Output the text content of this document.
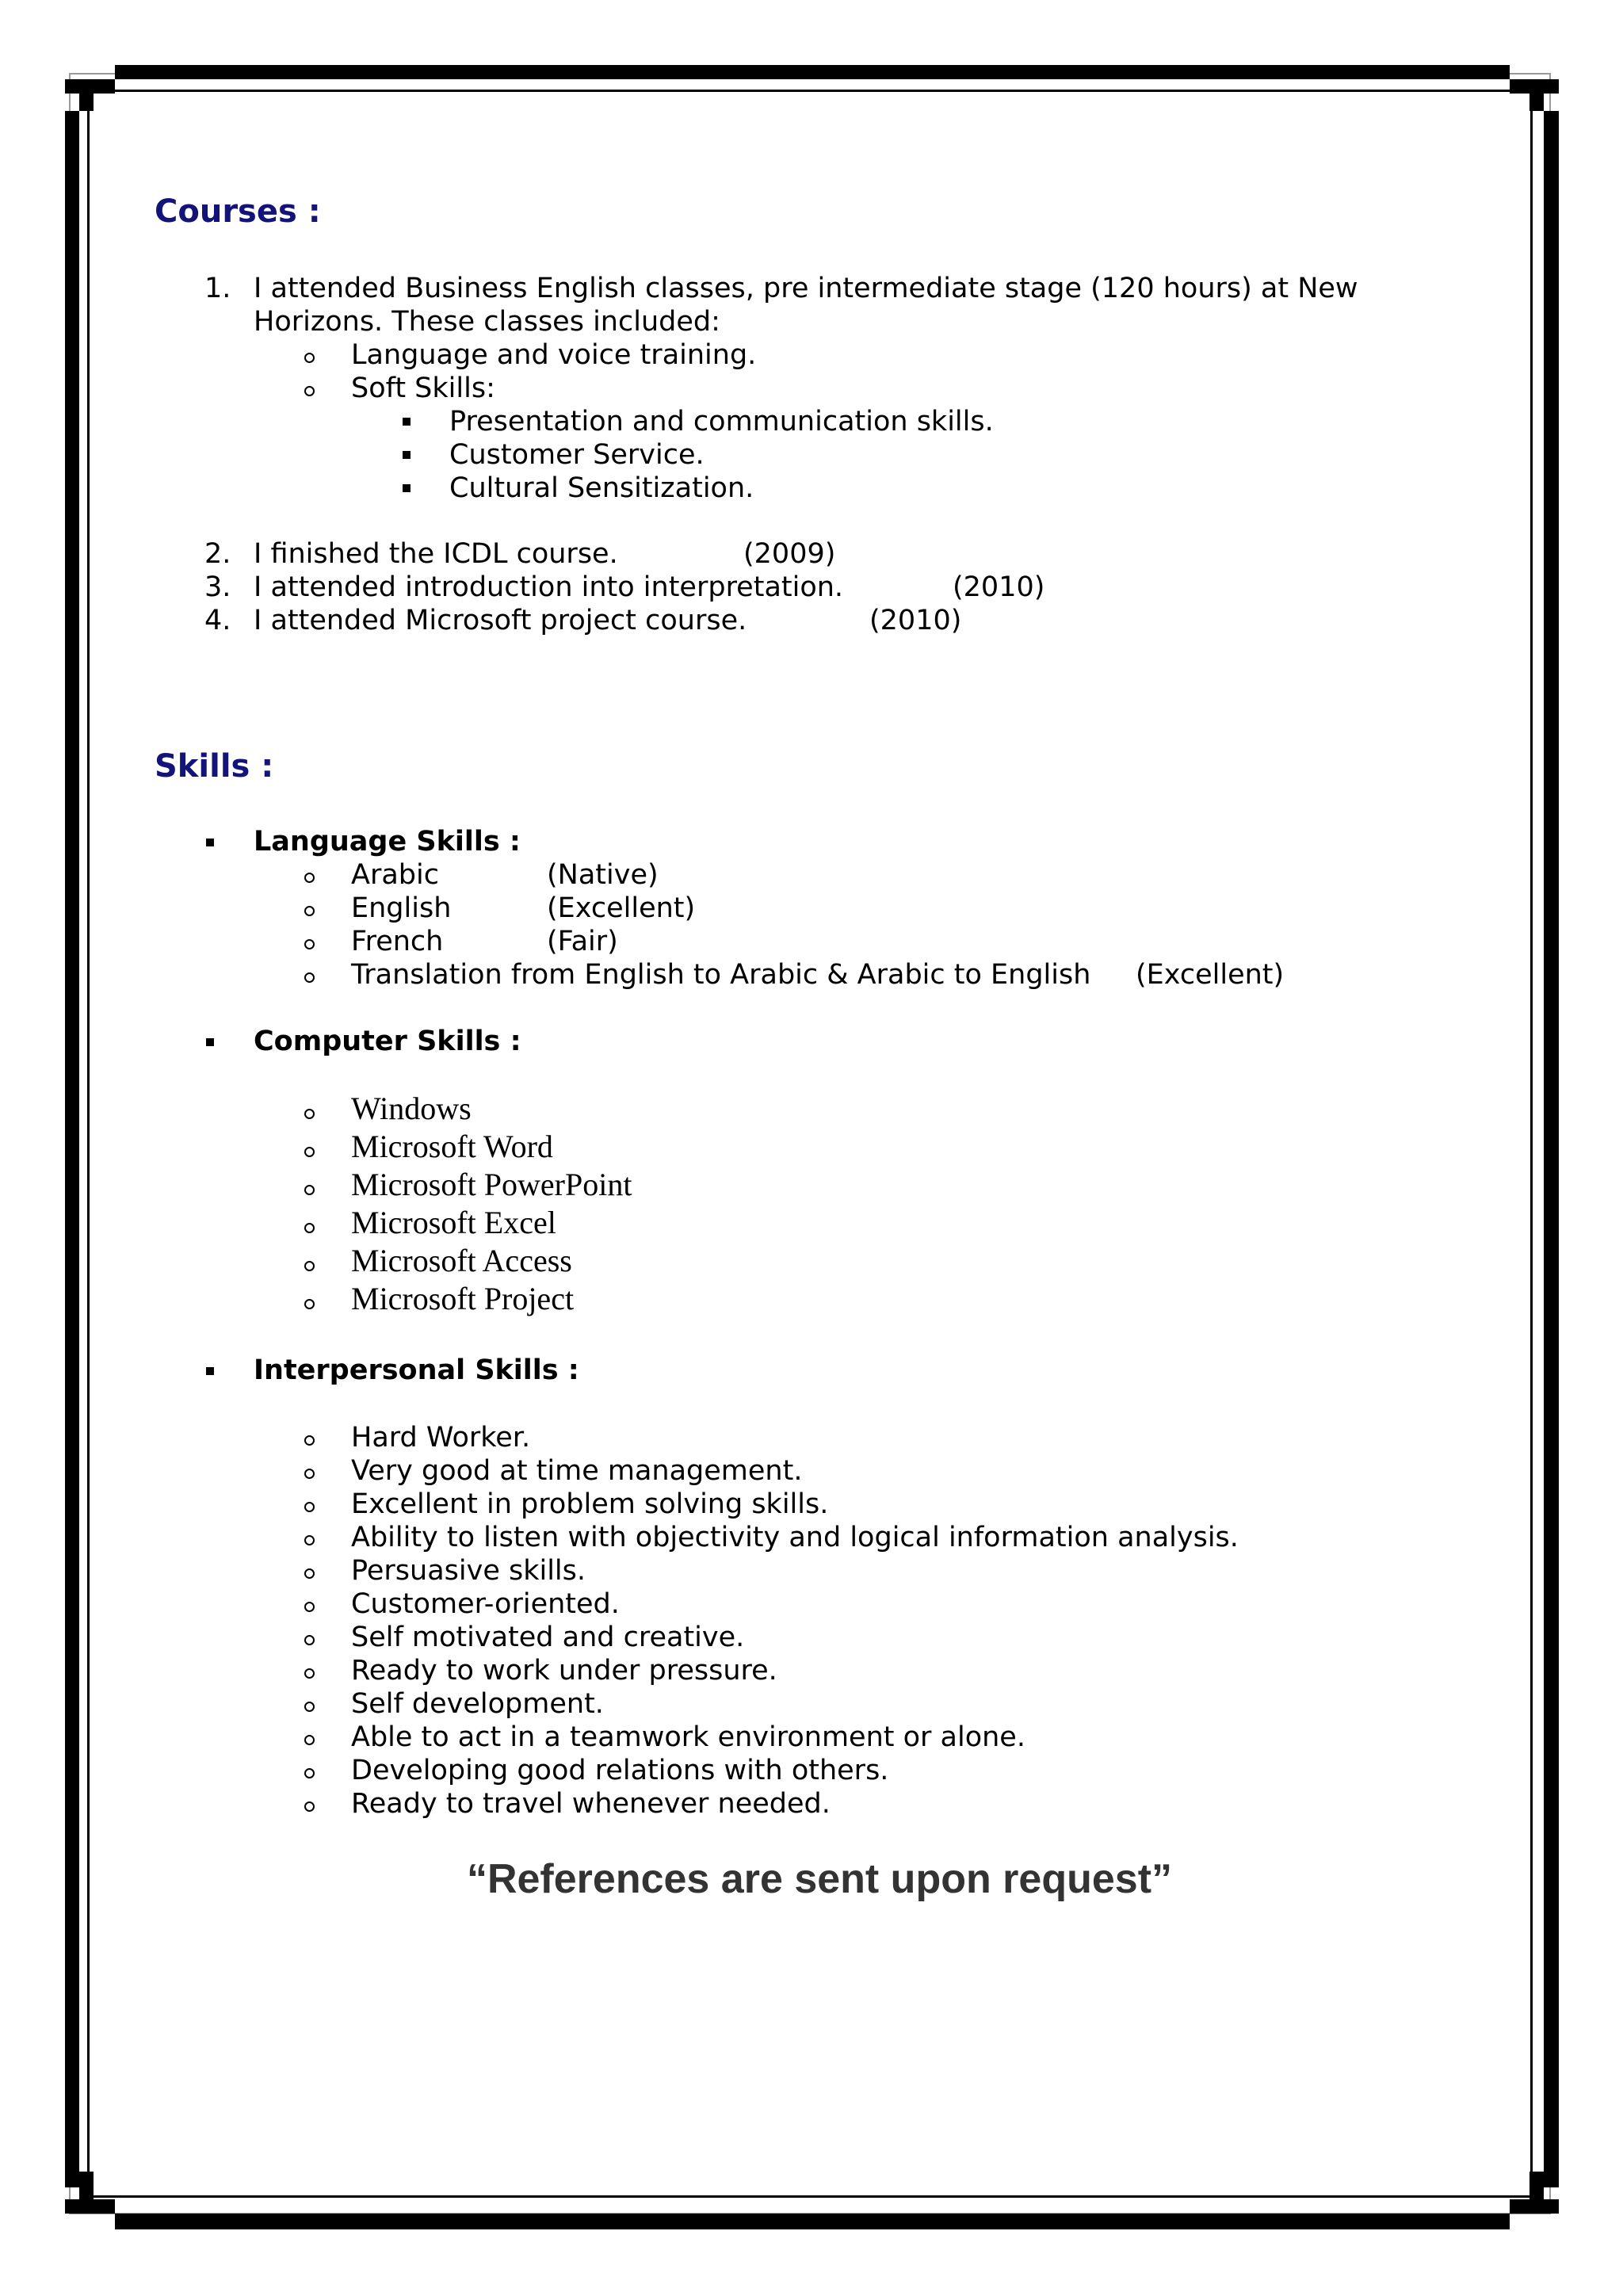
Courses :
1. I attended Business English classes, pre intermediate stage (120 hours) at New
Horizons. These classes included:
Language and voice training.
Soft Skills:
Presentation and communication skills.
Customer Service.
Cultural Sensitization.
2. I finished the ICDL course.	(2009)
3. I attended introduction into interpretation.	(2010)
4. I attended Microsoft project course.	(2010)
Skills :
Language Skills :
Arabic	(Native)
English	(Excellent)
French	(Fair)
Translation from English to Arabic & Arabic to English (Excellent)
Computer Skills :
Windows
Microsoft Word
Microsoft PowerPoint
Microsoft Excel
Microsoft Access
Microsoft Project
Interpersonal Skills :
Hard Worker.
Very good at time management.
Excellent in problem solving skills.
Ability to listen with objectivity and logical information analysis.
Persuasive skills.
Customer-oriented.
Self motivated and creative.
Ready to work under pressure.
Self development.
Able to act in a teamwork environment or alone.
Developing good relations with others.
Ready to travel whenever needed.
“References are sent upon request”
